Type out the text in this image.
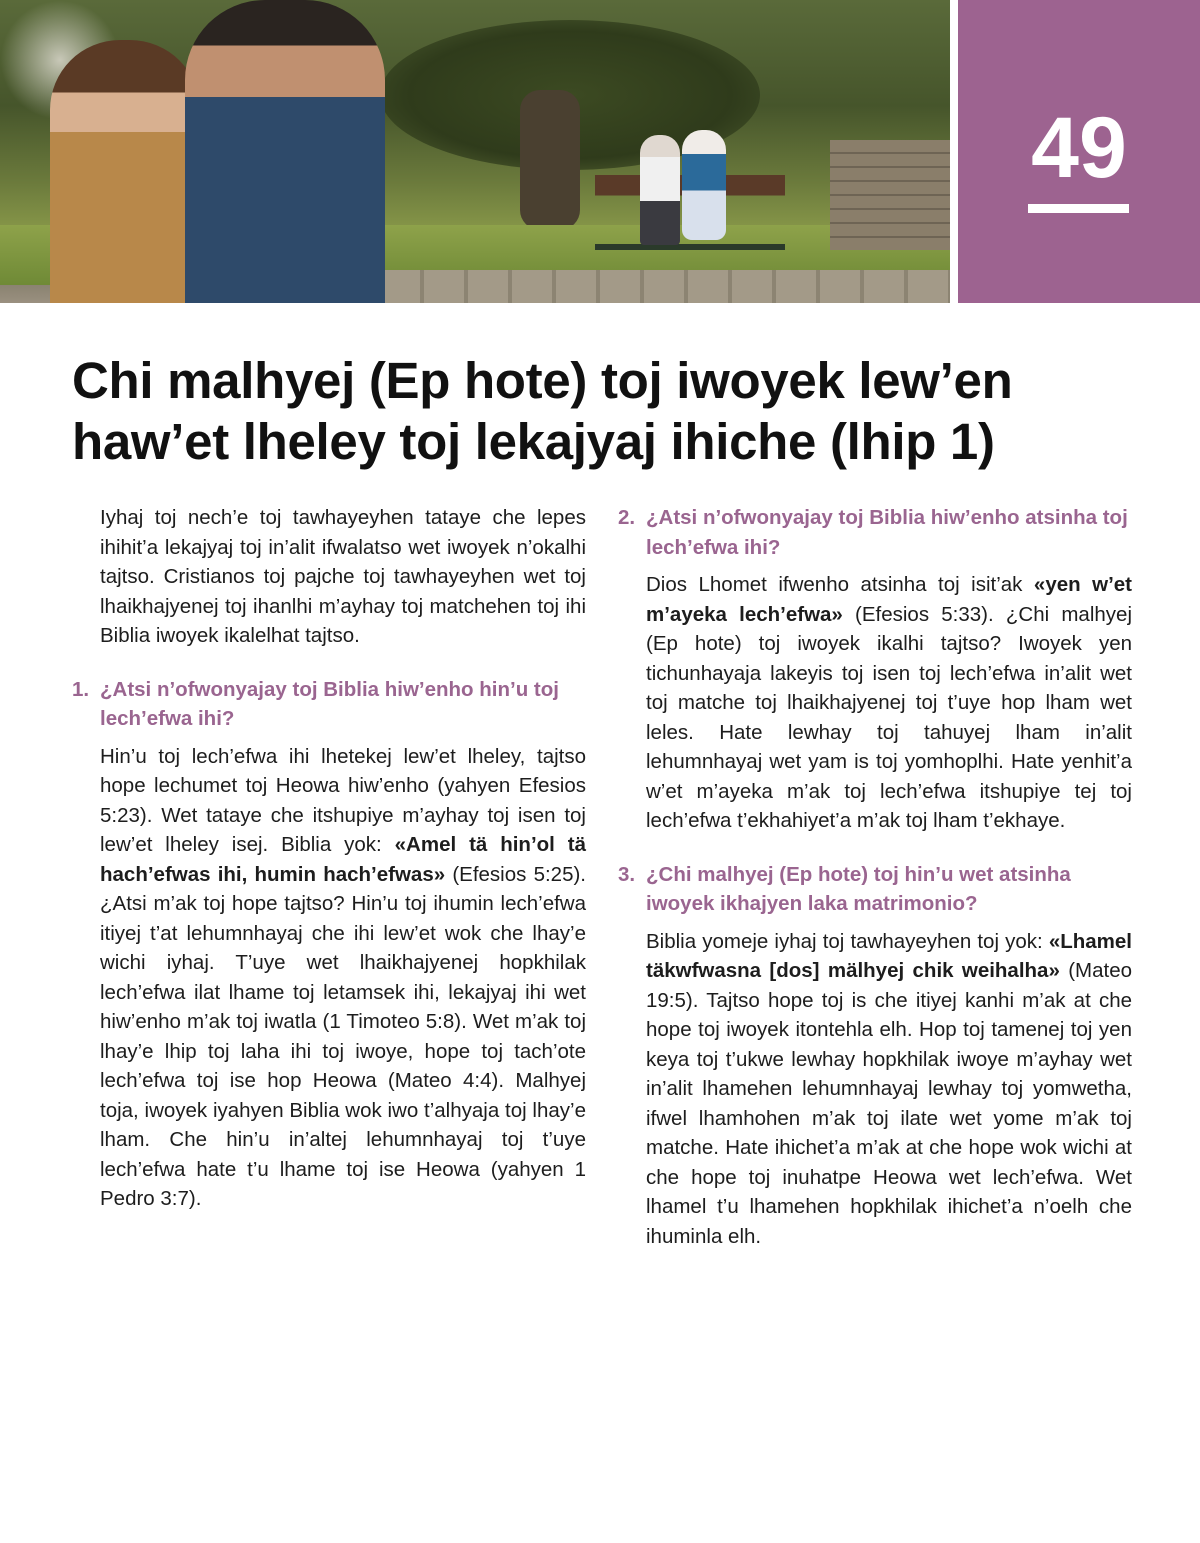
49
Chi malhyej (Ep hote) toj iwoyek lew’en haw’et lheley toj lekajyaj ihiche (lhip 1)

Iyhaj toj nech’e toj tawhayeyhen tataye che lepes ihihit’a lekajyaj toj in’alit ifwalatso wet iwoyek n’okalhi tajtso. Cristianos toj pajche toj tawhayeyhen wet toj lhaikhajyenej toj ihanlhi m’ayhay toj matchehen toj ihi Biblia iwoyek ikalelhat tajtso.

1. ¿Atsi n’ofwonyajay toj Biblia hiw’enho hin’u toj lech’efwa ihi?

Hin’u toj lech’efwa ihi lhetekej lew’et lheley, tajtso hope lechumet toj Heowa hiw’enho (yahyen Efesios 5:23). Wet tataye che itshupiye m’ayhay toj isen toj lew’et lheley isej. Biblia yok: «Amel tä hin’ol tä hach’efwas ihi, humin hach’efwas» (Efesios 5:25). ¿Atsi m’ak toj hope tajtso? Hin’u toj ihumin lech’efwa itiyej t’at lehumnhayaj che ihi lew’et wok che lhay’e wichi iyhaj. T’uye wet lhaikhajyenej hopkhilak lech’efwa ilat lhame toj letamsek ihi, lekajyaj ihi wet hiw’enho m’ak toj iwatla (1 Timoteo 5:8). Wet m’ak toj lhay’e lhip toj laha ihi toj iwoye, hope toj tach’ote lech’efwa toj ise hop Heowa (Mateo 4:4). Malhyej toja, iwoyek iyahyen Biblia wok iwo t’alhyaja toj lhay’e lham. Che hin’u in’altej lehumnhayaj toj t’uye lech’efwa hate t’u lhame toj ise Heowa (yahyen 1 Pedro 3:7).

2. ¿Atsi n’ofwonyajay toj Biblia hiw’enho atsinha toj lech’efwa ihi?

Dios Lhomet ifwenho atsinha toj isit’ak «yen w’et m’ayeka lech’efwa» (Efesios 5:33). ¿Chi malhyej (Ep hote) toj iwoyek ikalhi tajtso? Iwoyek yen tichunhayaja lakeyis toj isen toj lech’efwa in’alit wet toj matche toj lhaikhajyenej toj t’uye hop lham wet leles. Hate lewhay toj tahuyej lham in’alit lehumnhayaj wet yam is toj yomhoplhi. Hate yenhit’a w’et m’ayeka m’ak toj lech’efwa itshupiye tej toj lech’efwa t’ekhahiyet’a m’ak toj lham t’ekhaye.

3. ¿Chi malhyej (Ep hote) toj hin’u wet atsinha iwoyek ikhajyen laka matrimonio?

Biblia yomeje iyhaj toj tawhayeyhen toj yok: «Lhamel täkwfwasna [dos] mälhyej chik weihalha» (Mateo 19:5). Tajtso hope toj is che itiyej kanhi m’ak at che hope toj iwoyek itontehla elh. Hop toj tamenej toj yen keya toj t’ukwe lewhay hopkhilak iwoye m’ayhay wet in’alit lhamehen lehumnhayaj lewhay toj yomwetha, ifwel lhamhohen m’ak toj ilate wet yome m’ak toj matche. Hate ihichet’a m’ak at che hope wok wichi at che hope toj inuhatpe Heowa wet lech’efwa. Wet lhamel t’u lhamehen hopkhilak ihichet’a n’oelh che ihuminla elh.
